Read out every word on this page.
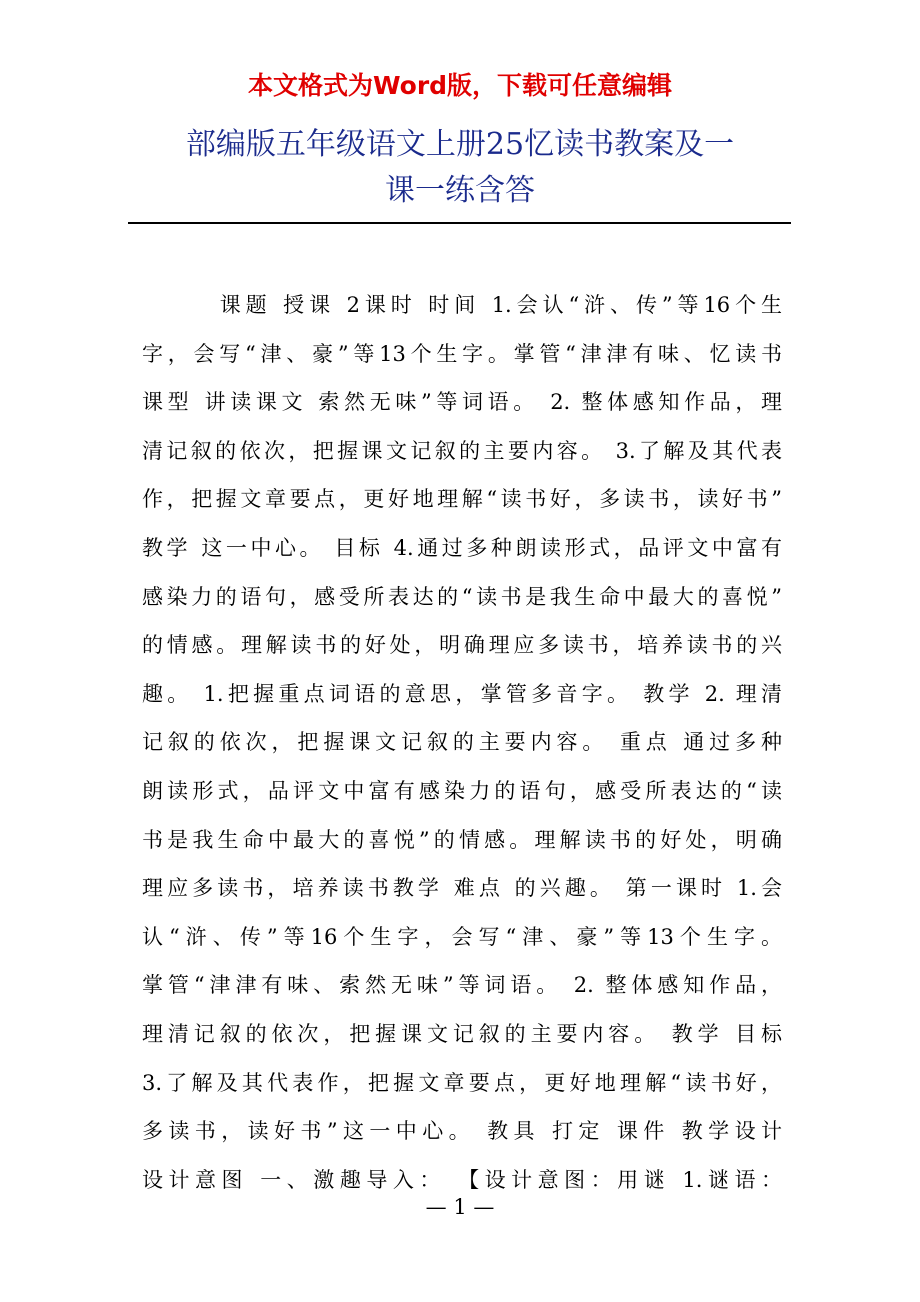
本文格式为Word版，下载可任意编辑
部编版五年级语文上册25忆读书教案及一
课一练含答
　　　课题 授课 2课时 时间 1.会认“浒、传”等16个生
字，会写“津、豪”等13个生字。掌管“津津有味、忆读书
课型 讲读课文 索然无味”等词语。 2. 整体感知作品，理
清记叙的依次，把握课文记叙的主要内容。 3.了解及其代表
作，把握文章要点，更好地理解“读书好，多读书，读好书”
教学 这一中心。 目标 4.通过多种朗读形式，品评文中富有
感染力的语句，感受所表达的“读书是我生命中最大的喜悦”
的情感。理解读书的好处，明确理应多读书，培养读书的兴
趣。 1.把握重点词语的意思，掌管多音字。 教学 2. 理清
记叙的依次，把握课文记叙的主要内容。 重点 通过多种
朗读形式，品评文中富有感染力的语句，感受所表达的“读
书是我生命中最大的喜悦”的情感。理解读书的好处，明确
理应多读书，培养读书教学 难点 的兴趣。 第一课时 1.会
认“浒、传”等16个生字，会写“津、豪”等13个生字。
掌管“津津有味、索然无味”等词语。 2. 整体感知作品，
理清记叙的依次，把握课文记叙的主要内容。 教学 目标
3.了解及其代表作，把握文章要点，更好地理解“读书好，
多读书，读好书”这一中心。 教具 打定 课件 教学设计
设计意图 一、激趣导入： 【设计意图：用谜 1.谜语：
— 1 —
